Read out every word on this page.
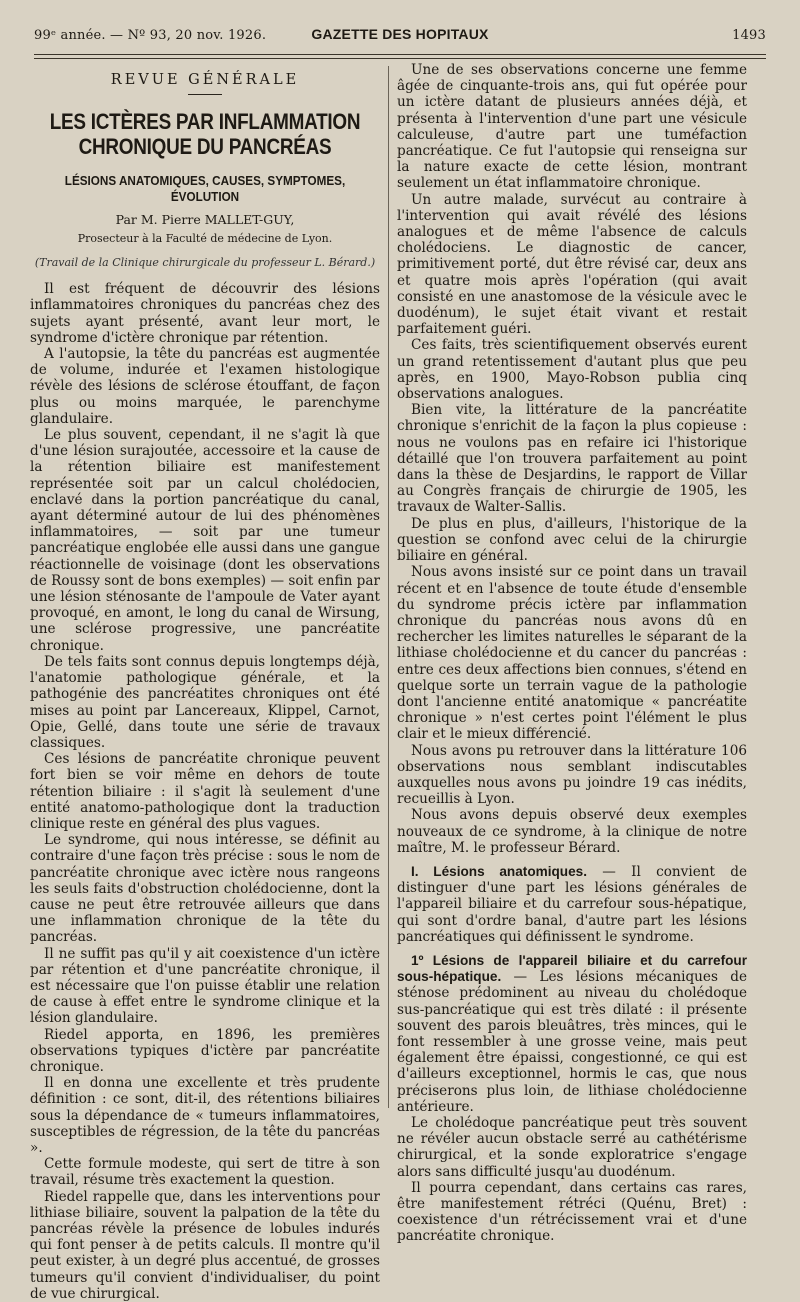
99ᵉ année. — Nº 93, 20 nov. 1926.	GAZETTE DES HOPITAUX	1493
REVUE GÉNÉRALE
LES ICTÈRES PAR INFLAMMATION CHRONIQUE DU PANCRÉAS
LÉSIONS ANATOMIQUES, CAUSES, SYMPTOMES, ÉVOLUTION
Par M. Pierre MALLET-GUY,
Prosecteur à la Faculté de médecine de Lyon.
(Travail de la Clinique chirurgicale du professeur L. Bérard.)

Il est fréquent de découvrir des lésions inflammatoires chroniques du pancréas chez des sujets ayant présenté, avant leur mort, le syndrome d'ictère chronique par rétention.

A l'autopsie, la tête du pancréas est augmentée de volume, indurée et l'examen histologique révèle des lésions de sclérose étouffant, de façon plus ou moins marquée, le parenchyme glandulaire.

Le plus souvent, cependant, il ne s'agit là que d'une lésion surajoutée, accessoire et la cause de la rétention biliaire est manifestement représentée soit par un calcul cholédocien, enclavé dans la portion pancréatique du canal, ayant déterminé autour de lui des phénomènes inflammatoires, — soit par une tumeur pancréatique englobée elle aussi dans une gangue réactionnelle de voisinage (dont les observations de Roussy sont de bons exemples) — soit enfin par une lésion sténosante de l'ampoule de Vater ayant provoqué, en amont, le long du canal de Wirsung, une sclérose progressive, une pancréatite chronique.

De tels faits sont connus depuis longtemps déjà, l'anatomie pathologique générale, et la pathogénie des pancréatites chroniques ont été mises au point par Lancereaux, Klippel, Carnot, Opie, Gellé, dans toute une série de travaux classiques.

Ces lésions de pancréatite chronique peuvent fort bien se voir même en dehors de toute rétention biliaire : il s'agit là seulement d'une entité anatomo-pathologique dont la traduction clinique reste en général des plus vagues.

Le syndrome, qui nous intéresse, se définit au contraire d'une façon très précise : sous le nom de pancréatite chronique avec ictère nous rangeons les seuls faits d'obstruction cholédocienne, dont la cause ne peut être retrouvée ailleurs que dans une inflammation chronique de la tête du pancréas.

Il ne suffit pas qu'il y ait coexistence d'un ictère par rétention et d'une pancréatite chronique, il est nécessaire que l'on puisse établir une relation de cause à effet entre le syndrome clinique et la lésion glandulaire.

Riedel apporta, en 1896, les premières observations typiques d'ictère par pancréatite chronique.

Il en donna une excellente et très prudente définition : ce sont, dit-il, des rétentions biliaires sous la dépendance de « tumeurs inflammatoires, susceptibles de régression, de la tête du pancréas ».

Cette formule modeste, qui sert de titre à son travail, résume très exactement la question.

Riedel rappelle que, dans les interventions pour lithiase biliaire, souvent la palpation de la tête du pancréas révèle la présence de lobules indurés qui font penser à de petits calculs. Il montre qu'il peut exister, à un degré plus accentué, de grosses tumeurs qu'il convient d'individualiser, du point de vue chirurgical.

Une de ses observations concerne une femme âgée de cinquante-trois ans, qui fut opérée pour un ictère datant de plusieurs années déjà, et présenta à l'intervention d'une part une vésicule calculeuse, d'autre part une tuméfaction pancréatique. Ce fut l'autopsie qui renseigna sur la nature exacte de cette lésion, montrant seulement un état inflammatoire chronique.

Un autre malade, survécut au contraire à l'intervention qui avait révélé des lésions analogues et de même l'absence de calculs cholédociens. Le diagnostic de cancer, primitivement porté, dut être révisé car, deux ans et quatre mois après l'opération (qui avait consisté en une anastomose de la vésicule avec le duodénum), le sujet était vivant et restait parfaitement guéri.

Ces faits, très scientifiquement observés eurent un grand retentissement d'autant plus que peu après, en 1900, Mayo-Robson publia cinq observations analogues.

Bien vite, la littérature de la pancréatite chronique s'enrichit de la façon la plus copieuse : nous ne voulons pas en refaire ici l'historique détaillé que l'on trouvera parfaitement au point dans la thèse de Desjardins, le rapport de Villar au Congrès français de chirurgie de 1905, les travaux de Walter-Sallis.

De plus en plus, d'ailleurs, l'historique de la question se confond avec celui de la chirurgie biliaire en général.

Nous avons insisté sur ce point dans un travail récent et en l'absence de toute étude d'ensemble du syndrome précis ictère par inflammation chronique du pancréas nous avons dû en rechercher les limites naturelles le séparant de la lithiase cholédocienne et du cancer du pancréas : entre ces deux affections bien connues, s'étend en quelque sorte un terrain vague de la pathologie dont l'ancienne entité anatomique « pancréatite chronique » n'est certes point l'élément le plus clair et le mieux différencié.

Nous avons pu retrouver dans la littérature 106 observations nous semblant indiscutables auxquelles nous avons pu joindre 19 cas inédits, recueillis à Lyon.

Nous avons depuis observé deux exemples nouveaux de ce syndrome, à la clinique de notre maître, M. le professeur Bérard.

I. Lésions anatomiques. — Il convient de distinguer d'une part les lésions générales de l'appareil biliaire et du carrefour sous-hépatique, qui sont d'ordre banal, d'autre part les lésions pancréatiques qui définissent le syndrome.

1º Lésions de l'appareil biliaire et du carrefour sous-hépatique. — Les lésions mécaniques de sténose prédominent au niveau du cholédoque sus-pancréatique qui est très dilaté : il présente souvent des parois bleuâtres, très minces, qui le font ressembler à une grosse veine, mais peut également être épaissi, congestionné, ce qui est d'ailleurs exceptionnel, hormis le cas, que nous préciserons plus loin, de lithiase cholédocienne antérieure.

Le cholédoque pancréatique peut très souvent ne révéler aucun obstacle serré au cathétérisme chirurgical, et la sonde exploratrice s'engage alors sans difficulté jusqu'au duodénum.

Il pourra cependant, dans certains cas rares, être manifestement rétréci (Quénu, Bret) : coexistence d'un rétrécissement vrai et d'une pancréatite chronique.
